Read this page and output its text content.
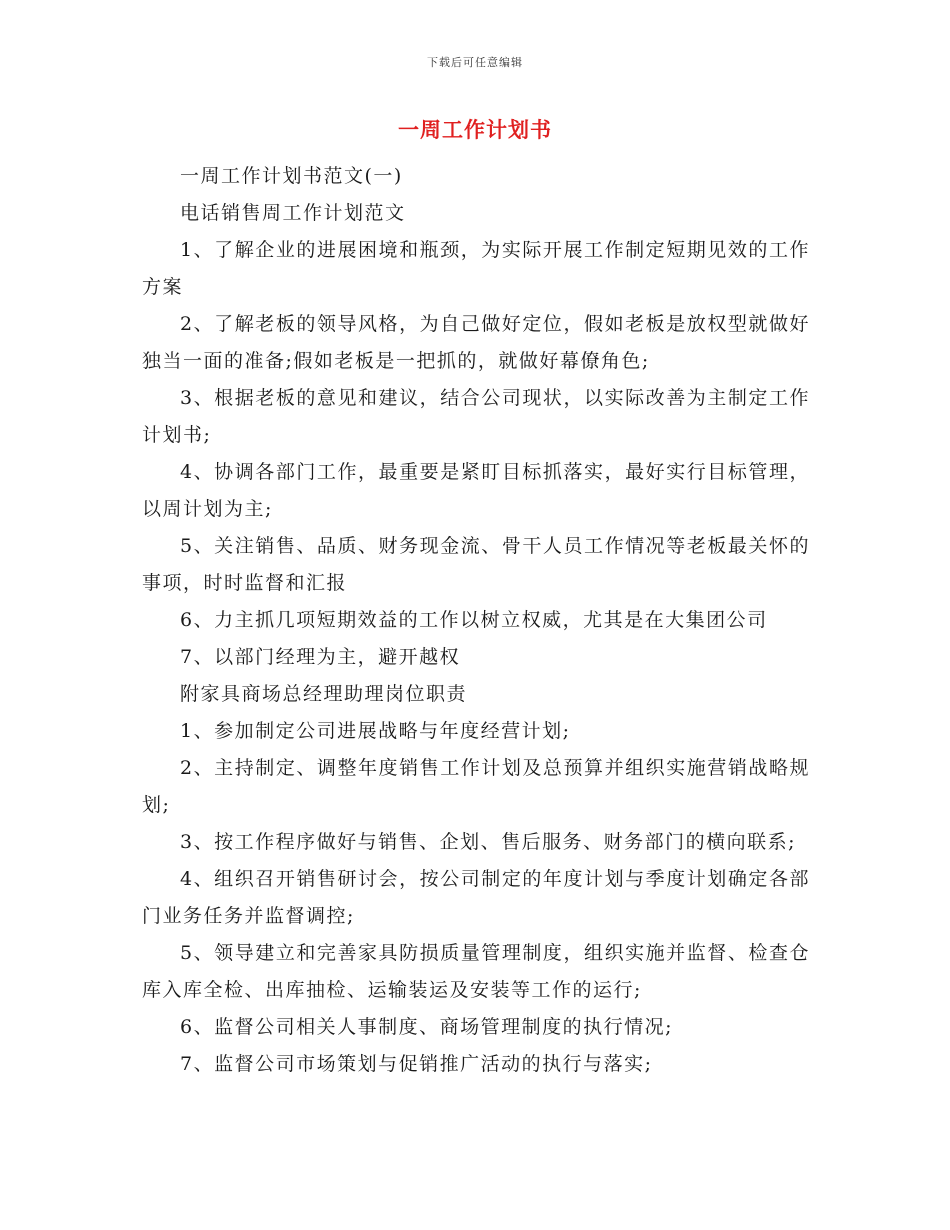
下载后可任意编辑
一周工作计划书

一周工作计划书范文(一)

电话销售周工作计划范文

1、了解企业的进展困境和瓶颈，为实际开展工作制定短期见效的工作方案

2、了解老板的领导风格，为自己做好定位，假如老板是放权型就做好独当一面的准备;假如老板是一把抓的，就做好幕僚角色;

3、根据老板的意见和建议，结合公司现状，以实际改善为主制定工作计划书;

4、协调各部门工作，最重要是紧盯目标抓落实，最好实行目标管理，以周计划为主;

5、关注销售、品质、财务现金流、骨干人员工作情况等老板最关怀的事项，时时监督和汇报

6、力主抓几项短期效益的工作以树立权威，尤其是在大集团公司

7、以部门经理为主，避开越权

附家具商场总经理助理岗位职责

1、参加制定公司进展战略与年度经营计划;

2、主持制定、调整年度销售工作计划及总预算并组织实施营销战略规划;

3、按工作程序做好与销售、企划、售后服务、财务部门的横向联系;

4、组织召开销售研讨会，按公司制定的年度计划与季度计划确定各部门业务任务并监督调控;

5、领导建立和完善家具防损质量管理制度，组织实施并监督、检查仓库入库全检、出库抽检、运输装运及安装等工作的运行;

6、监督公司相关人事制度、商场管理制度的执行情况;

7、监督公司市场策划与促销推广活动的执行与落实;
